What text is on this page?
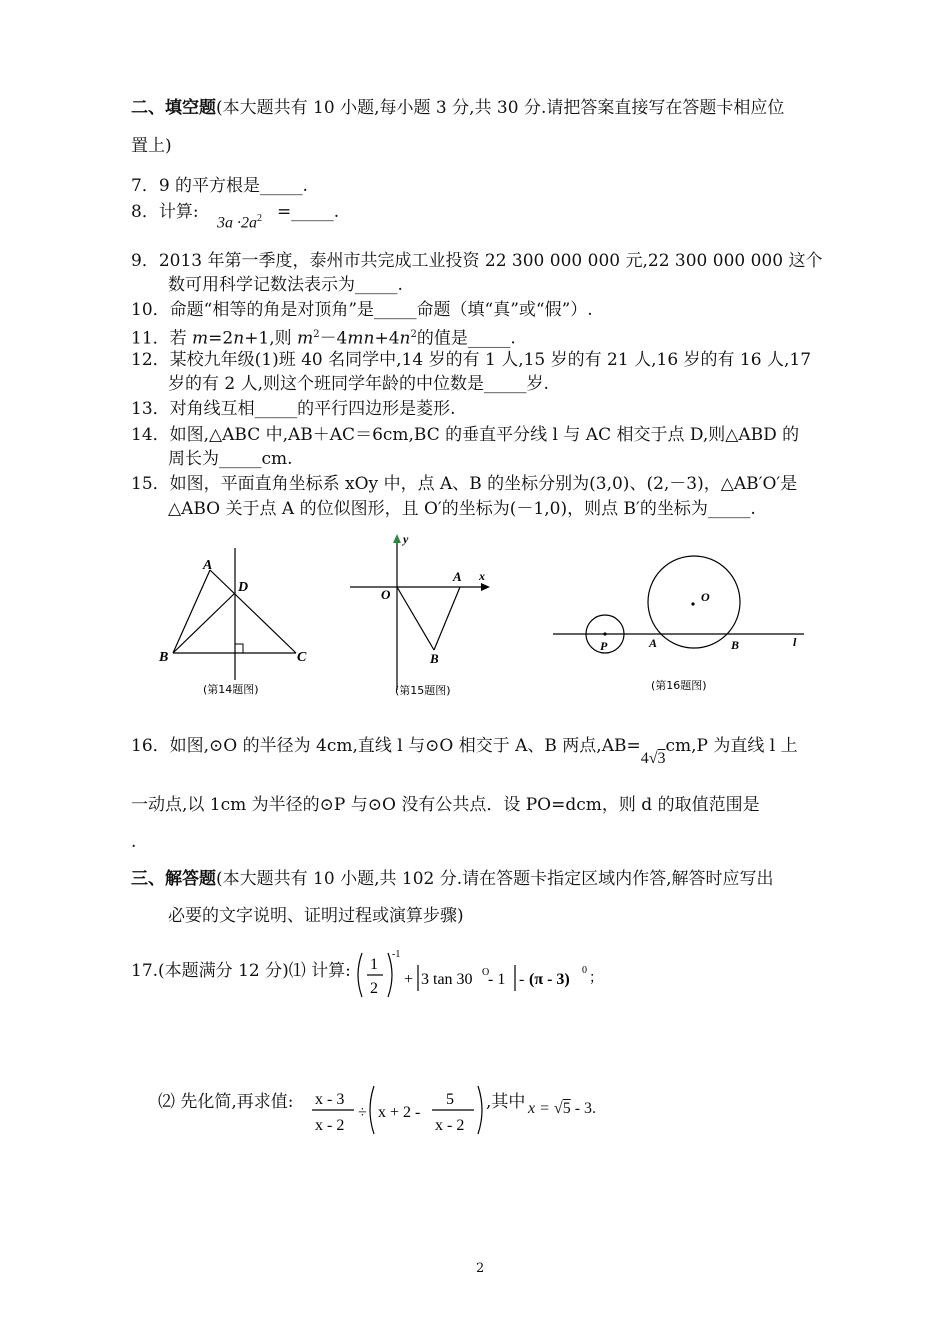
二、填空题(本大题共有 10 小题,每小题 3 分,共 30 分.请把答案直接写在答题卡相应位
置上)
7．9 的平方根是_____.
8．计算:
$3a \cdot 2a^2$ =_____.
9．2013 年第一季度，泰州市共完成工业投资 22 300 000 000 元,22 300 000 000 这个
数可用科学记数法表示为_____.
10．命题“相等的角是对顶角”是_____命题（填“真”或“假”）.
11．若 m=2n+1,则 $m^2-4mn+4n^2$的值是_____.
12．某校九年级(1)班 40 名同学中,14 岁的有 1 人,15 岁的有 21 人,16 岁的有 16 人,17
岁的有 2 人,则这个班同学年龄的中位数是_____岁.
13．对角线互相_____的平行四边形是菱形.
14．如图,△ABC 中,AB＋AC＝6cm,BC 的垂直平分线 l 与 AC 相交于点 D,则△ABD 的
周长为_____cm.
15．如图，平面直角坐标系 xOy 中，点 A、B 的坐标分别为(3,0)、(2,－3)，△AB′O′是
△ABO 关于点 A 的位似图形，且 O′的坐标为(－1,0)，则点 B′的坐标为_____.
A
D
B	C
(第14题图)
y
x
O
A
B
(第15题图)
O
P	A	B	l
(第16题图)
16．如图,⊙O 的半径为 4cm,直线 l 与⊙O 相交于 A、B 两点,AB=4√3cm,P 为直线 l 上
一动点,以 1cm 为半径的⊙P 与⊙O 没有公共点．设 PO=dcm，则 d 的取值范围是
.
三、解答题(本大题共有 10 小题,共 102 分.请在答题卡指定区域内作答,解答时应写出
必要的文字说明、证明过程或演算步骤)
17.(本题满分 12 分)⑴ 计算: 1
2
-1
+ 3 tan 30 O
- 1 - (π - 3)
0
；
⑵ 先化简,再求值: x - 3
x - 2
÷ x + 2 -
5
x - 2
,其中 x = √5 - 3.
2
